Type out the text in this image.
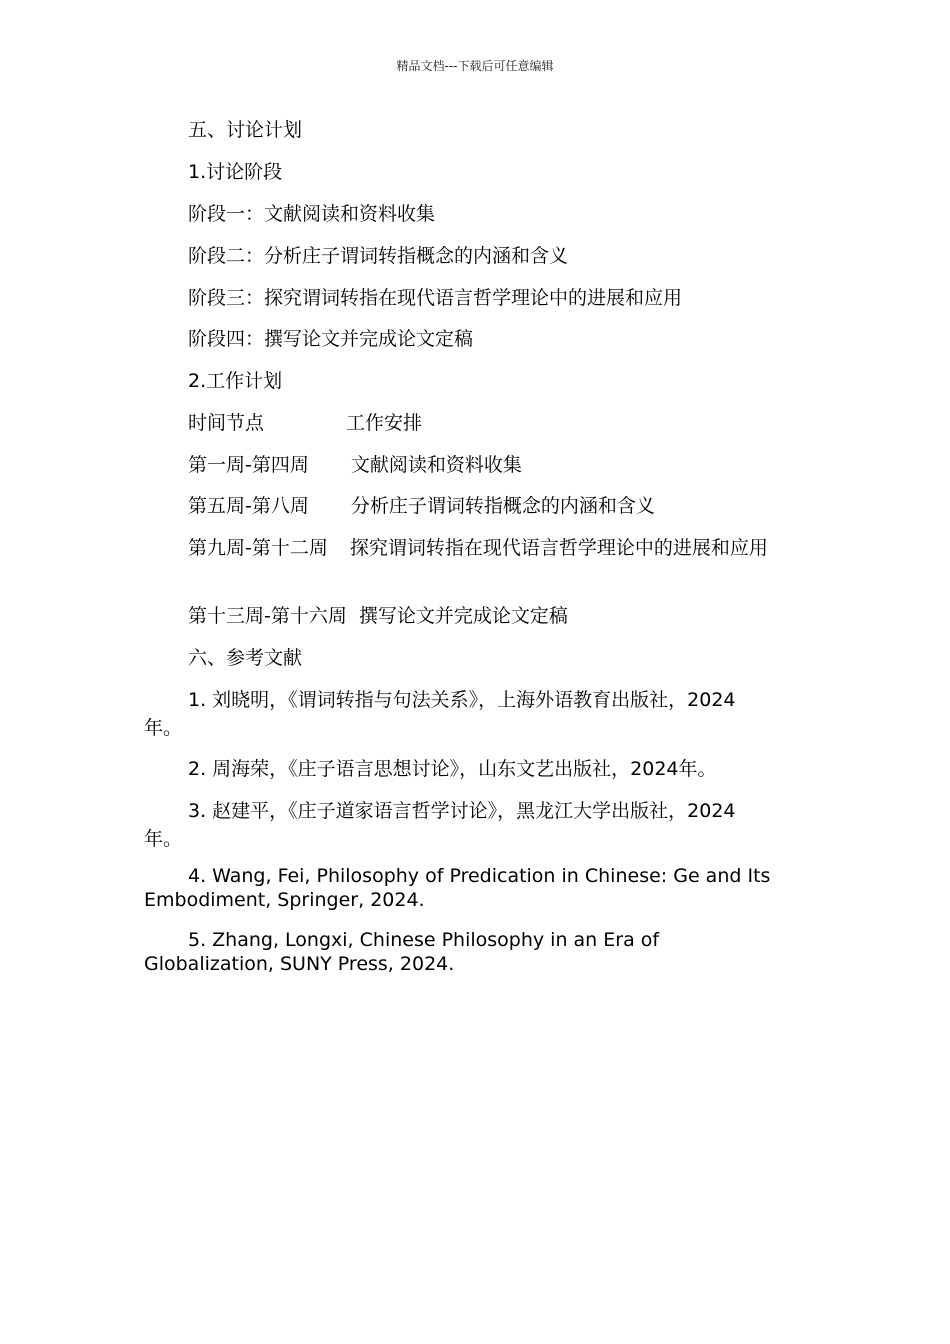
精品文档---下载后可任意编辑
五、讨论计划
1.讨论阶段
阶段一：文献阅读和资料收集
阶段二：分析庄子谓词转指概念的内涵和含义
阶段三：探究谓词转指在现代语言哲学理论中的进展和应用
阶段四：撰写论文并完成论文定稿
2.工作计划
时间节点	工作安排
第一周-第四周 文献阅读和资料收集
第五周-第八周 分析庄子谓词转指概念的内涵和含义
第九周-第十二周 探究谓词转指在现代语言哲学理论中的进展和应用
第十三周-第十六周 撰写论文并完成论文定稿
六、参考文献
1. 刘晓明，《谓词转指与句法关系》，上海外语教育出版社，2024年。
2. 周海荣，《庄子语言思想讨论》，山东文艺出版社，2024年。
3. 赵建平，《庄子道家语言哲学讨论》，黑龙江大学出版社，2024年。
4. Wang, Fei, Philosophy of Predication in Chinese: Ge and Its Embodiment, Springer, 2024.
5. Zhang, Longxi, Chinese Philosophy in an Era of Globalization, SUNY Press, 2024.
